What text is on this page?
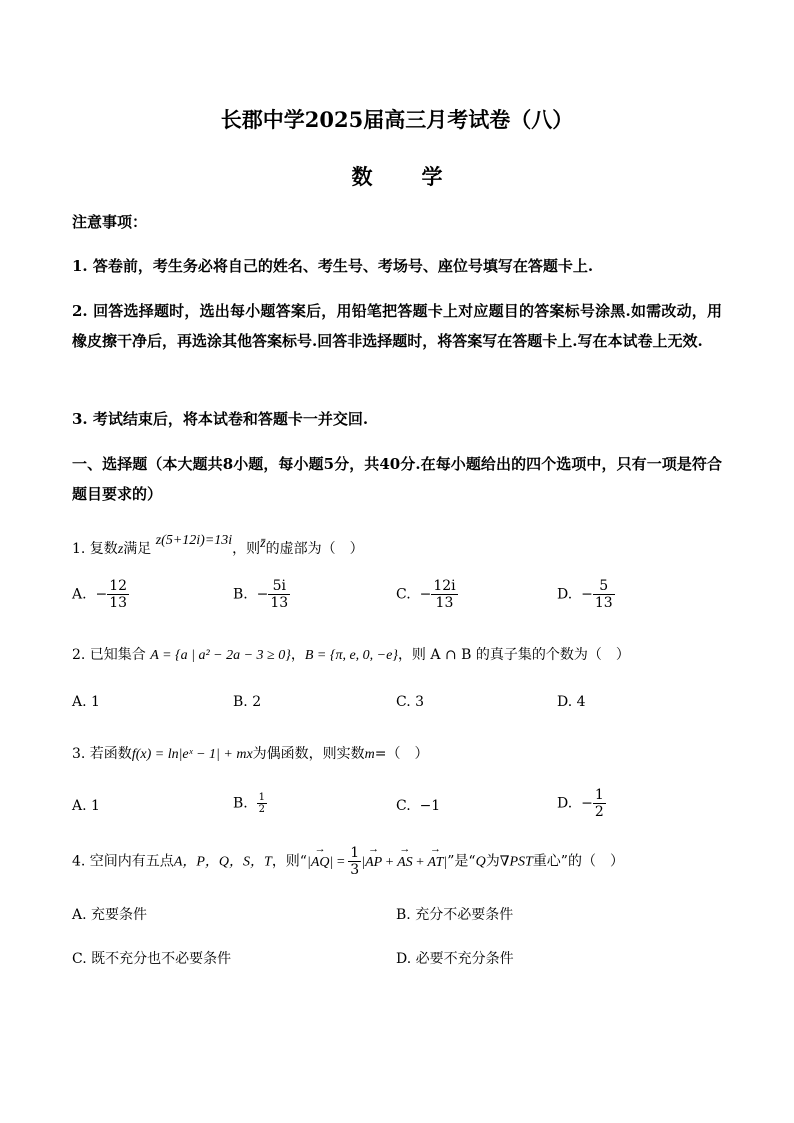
长郡中学2025届高三月考试卷（八）
数　学
注意事项：
1. 答卷前，考生务必将自己的姓名、考生号、考场号、座位号填写在答题卡上.
2. 回答选择题时，选出每小题答案后，用铅笔把答题卡上对应题目的答案标号涂黑.如需改动，用橡皮擦干净后，再选涂其他答案标号.回答非选择题时，将答案写在答题卡上.写在本试卷上无效.
3. 考试结束后，将本试卷和答题卡一并交回.
一、选择题（本大题共8小题，每小题5分，共40分.在每小题给出的四个选项中，只有一项是符合题目要求的）
1. 复数z满足 z(5+12i)=13i，则z̄的虚部为（　）
A. − $\frac{12}{13}$	B. − $\frac{5i}{13}$	C. − $\frac{12i}{13}$	D. − $\frac{5}{13}$
2. 已知集合 A = {a | a² − 2a − 3 ≥ 0}，B = {π, e, 0, −e}，则 A ∩ B 的真子集的个数为（　）
A. 1	B. 2	C. 3	D. 4
3. 若函数f(x) = ln|eˣ − 1| + mx为偶函数，则实数m=（　）
A. 1	B. $\frac{1}{2}$	C. −1	D. − $\frac{1}{2}$
4. 空间内有五点A，P，Q，S，T，则“|→ $AQ| = \frac{1}{3}$ |→ AP + → AS + → AT|”是“Q为∇PST重心”的（　）
A. 充要条件	B. 充分不必要条件
C. 既不充分也不必要条件	D. 必要不充分条件
